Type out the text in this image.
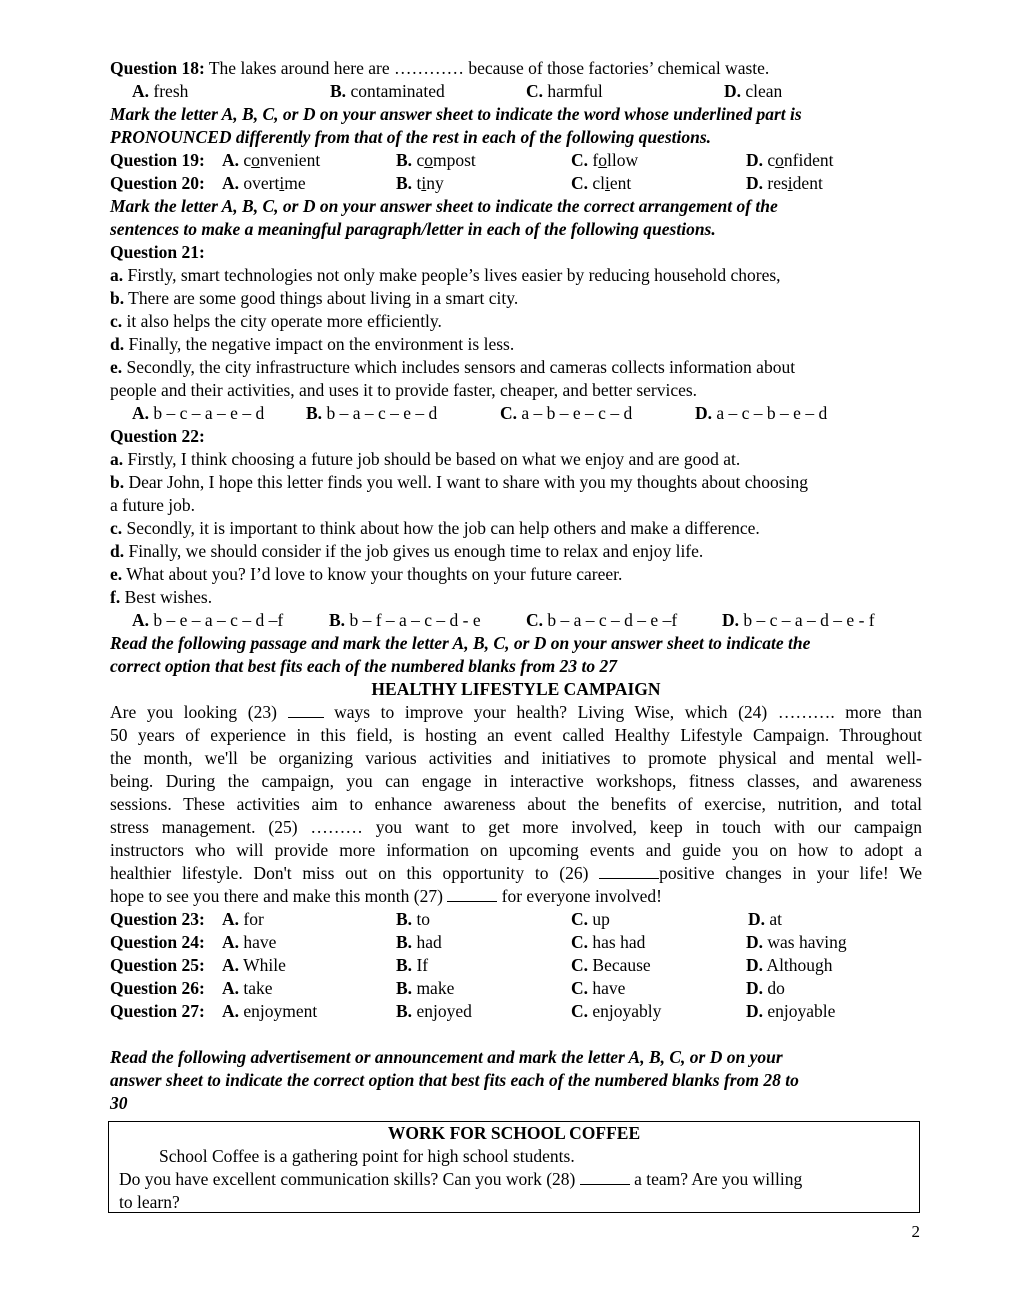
Question 18: The lakes around here are ………… because of those factories’ chemical waste.
A. fresh	B. contaminated	C. harmful	D. clean
Mark the letter A, B, C, or D on your answer sheet to indicate the word whose underlined part is
PRONOUNCED differently from that of the rest in each of the following questions.
Question 19: A. convenient	B. compost	C. follow	D. confident
Question 20: A. overtime	B. tiny	C. client	D. resident
Mark the letter A, B, C, or D on your answer sheet to indicate the correct arrangement of the
sentences to make a meaningful paragraph/letter in each of the following questions.
Question 21:
a. Firstly, smart technologies not only make people’s lives easier by reducing household chores,
b. There are some good things about living in a smart city.
c. it also helps the city operate more efficiently.
d. Finally, the negative impact on the environment is less.
e. Secondly, the city infrastructure which includes sensors and cameras collects information about
people and their activities, and uses it to provide faster, cheaper, and better services.
A. b – c – a – e – d B. b – a – c – e – d	C. a – b – e – c – d	D. a – c – b – e – d
Question 22:
a. Firstly, I think choosing a future job should be based on what we enjoy and are good at.
b. Dear John, I hope this letter finds you well. I want to share with you my thoughts about choosing
a future job.
c. Secondly, it is important to think about how the job can help others and make a difference.
d. Finally, we should consider if the job gives us enough time to relax and enjoy life.
e. What about you? I’d love to know your thoughts on your future career.
f. Best wishes.
A. b – e – a – c – d –f	B. b – f – a – c – d - e	C. b – a – c – d – e –f	D. b – c – a – d – e - f
Read the following passage and mark the letter A, B, C, or D on your answer sheet to indicate the
correct option that best fits each of the numbered blanks from 23 to 27
HEALTHY LIFESTYLE CAMPAIGN
Are you looking (23)  ways to improve your health? Living Wise, which (24) ………. more than
50 years of experience in this field, is hosting an event called Healthy Lifestyle Campaign. Throughout
the month, we'll be organizing various activities and initiatives to promote physical and mental well-
being. During the campaign, you can engage in interactive workshops, fitness classes, and awareness
sessions. These activities aim to enhance awareness about the benefits of exercise, nutrition, and total
stress management. (25) ……… you want to get more involved, keep in touch with our campaign
instructors who will provide more information on upcoming events and guide you on how to adopt a
healthier lifestyle. Don't miss out on this opportunity to (26)	positive changes in your life! We
hope to see you there and make this month (27)	for everyone involved!
Question 23: A. for	B. to	C. up	D. at
Question 24: A. have	B. had	C. has had	D. was having
Question 25: A. While	B. If	C. Because	D. Although
Question 26: A. take	B. make	C. have	D. do
Question 27: A. enjoyment	B. enjoyed	C. enjoyably	D. enjoyable
Read the following advertisement or announcement and mark the letter A, B, C, or D on your
answer sheet to indicate the correct option that best fits each of the numbered blanks from 28 to
30
WORK FOR SCHOOL COFFEE
School Coffee is a gathering point for high school students.
Do you have excellent communication skills? Can you work (28)	a team? Are you willing
to learn?
2
